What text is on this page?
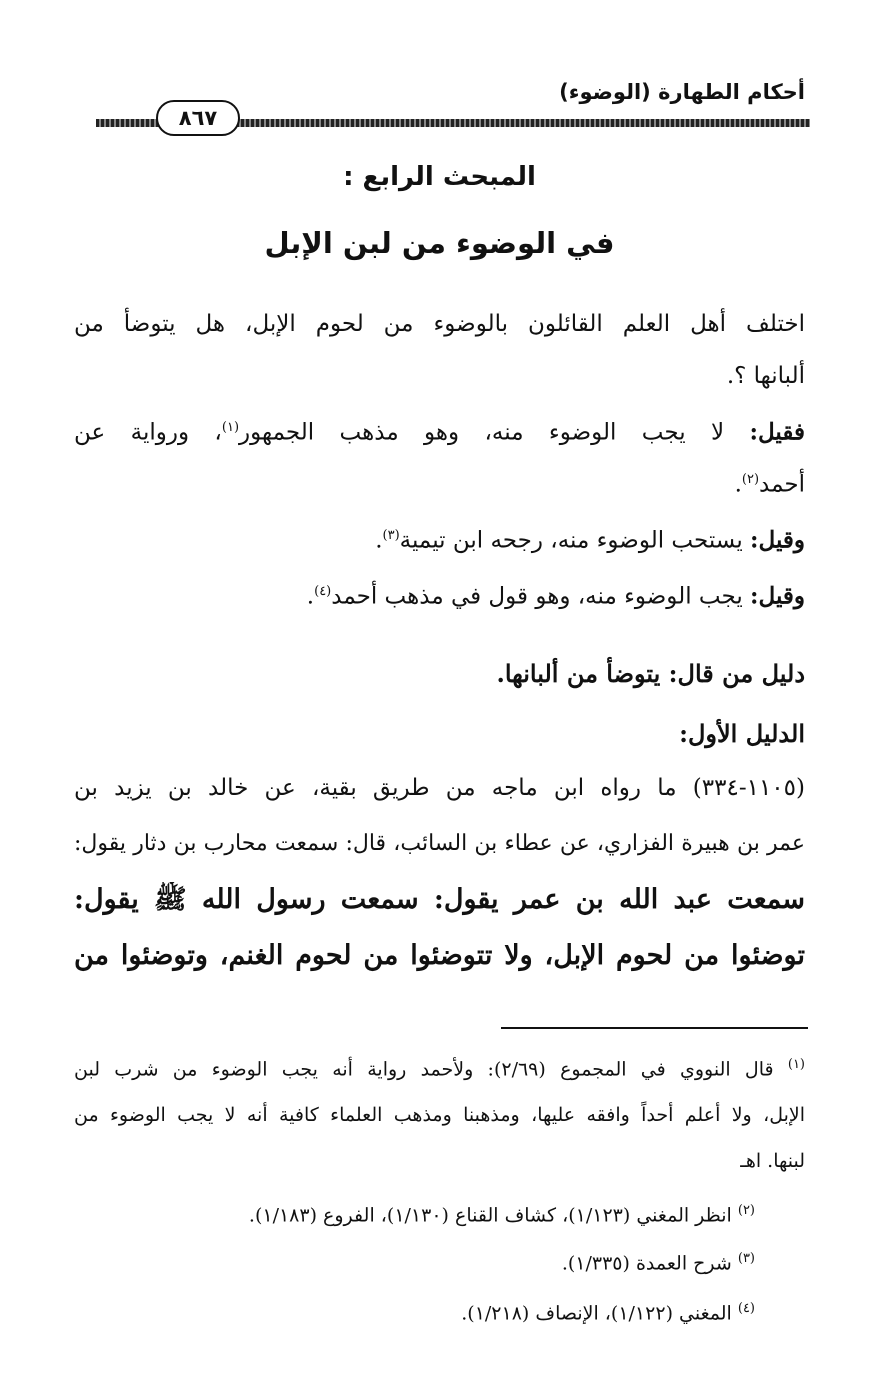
أحكام الطهارة (الوضوء)
٨٦٧
المبحث الرابع :
في الوضوء من لبن الإبل
اختلف أهل العلم القائلون بالوضوء من لحوم الإبل، هل يتوضأ من
ألبانها ؟.
فقيل: لا يجب الوضوء منه، وهو مذهب الجمهور$^{(١)}$، ورواية عن
أحمد$^{(٢)}$.
وقيل: يستحب الوضوء منه، رجحه ابن تيمية$^{(٣)}$.
وقيل: يجب الوضوء منه، وهو قول في مذهب أحمد$^{(٤)}$.
دليل من قال: يتوضأ من ألبانها.
الدليل الأول:
(١١٠٥-٣٣٤) ما رواه ابن ماجه من طريق بقية، عن خالد بن يزيد بن
عمر بن هبيرة الفزاري، عن عطاء بن السائب، قال: سمعت محارب بن دثار يقول:
سمعت عبد الله بن عمر يقول: سمعت رسول الله ﷺ يقول:
توضئوا من لحوم الإبل، ولا تتوضئوا من لحوم الغنم، وتوضئوا من
$^{(١)}$ قال النووي في المجموع (٢/٦٩): ولأحمد رواية أنه يجب الوضوء من شرب لبن
الإبل، ولا أعلم أحداً وافقه عليها، ومذهبنا ومذهب العلماء كافية أنه لا يجب الوضوء من
لبنها. اهـ
$^{(٢)}$ انظر المغني (١/١٢٣)، كشاف القناع (١/١٣٠)، الفروع (١/١٨٣).
$^{(٣)}$ شرح العمدة (١/٣٣٥).
$^{(٤)}$ المغني (١/١٢٢)، الإنصاف (١/٢١٨).
